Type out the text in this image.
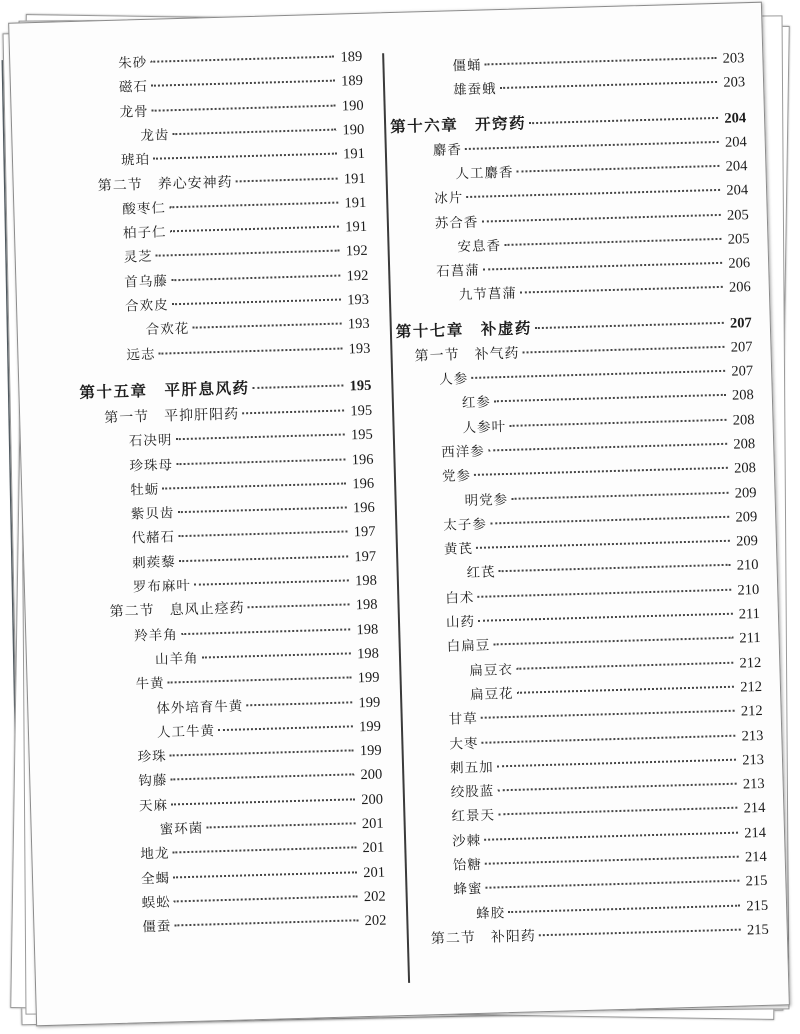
朱砂	189
磁石	189
龙骨	190
龙齿	190
琥珀	191
第二节　养心安神药	191
酸枣仁	191
柏子仁	191
灵芝	192
首乌藤	192
合欢皮	193
合欢花	193
远志	193
第十五章　平肝息风药	195
第一节　平抑肝阳药	195
石决明	195
珍珠母	196
牡蛎	196
紫贝齿	196
代赭石	197
刺蒺藜	197
罗布麻叶	198
第二节　息风止痉药	198
羚羊角	198
山羊角	198
牛黄	199
体外培育牛黄	199
人工牛黄	199
珍珠	199
钩藤	200
天麻	200
蜜环菌	201
地龙	201
全蝎	201
蜈蚣	202
僵蚕	202
僵蛹	203
雄蚕蛾	203
第十六章　开窍药	204
麝香	204
人工麝香	204
冰片	204
苏合香	205
安息香	205
石菖蒲	206
九节菖蒲	206
第十七章　补虚药	207
第一节　补气药	207
人参	207
红参	208
人参叶	208
西洋参	208
党参	208
明党参	209
太子参	209
黄芪	209
红芪	210
白术	210
山药	211
白扁豆	211
扁豆衣	212
扁豆花	212
甘草	212
大枣	213
刺五加	213
绞股蓝	213
红景天	214
沙棘	214
饴糖	214
蜂蜜	215
蜂胶	215
第二节　补阳药	215
